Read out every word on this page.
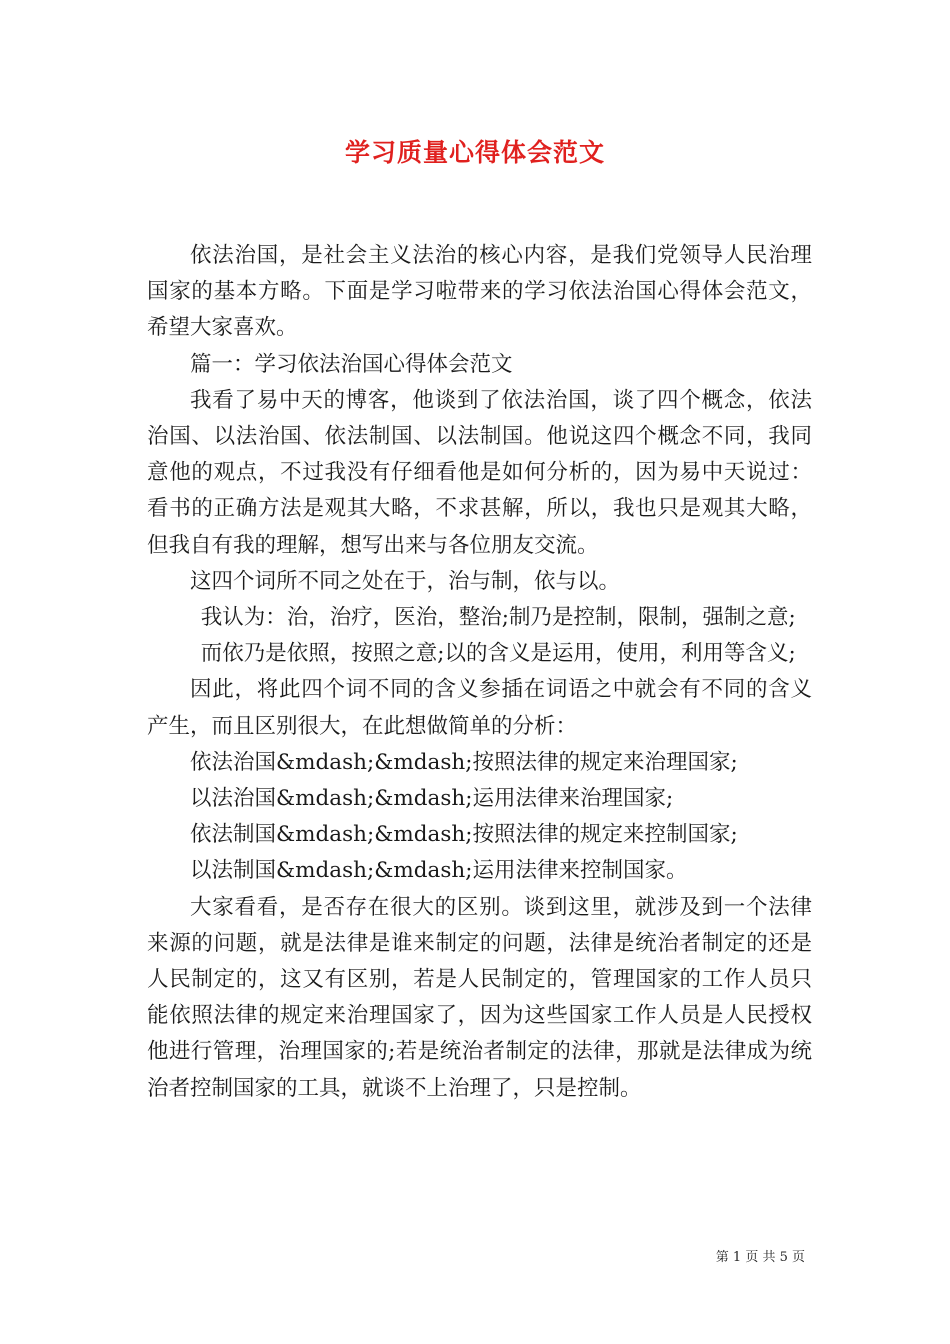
学习质量心得体会范文

依法治国，是社会主义法治的核心内容，是我们党领导人民治理国家的基本方略。下面是学习啦带来的学习依法治国心得体会范文，希望大家喜欢。

篇一：学习依法治国心得体会范文

我看了易中天的博客，他谈到了依法治国，谈了四个概念，依法治国、以法治国、依法制国、以法制国。他说这四个概念不同，我同意他的观点，不过我没有仔细看他是如何分析的，因为易中天说过：看书的正确方法是观其大略，不求甚解，所以，我也只是观其大略，但我自有我的理解，想写出来与各位朋友交流。

这四个词所不同之处在于，治与制，依与以。

我认为：治，治疗，医治，整治;制乃是控制，限制，强制之意;

而依乃是依照，按照之意;以的含义是运用，使用，利用等含义;

因此，将此四个词不同的含义参插在词语之中就会有不同的含义产生，而且区别很大，在此想做简单的分析：

依法治国&mdash;&mdash;按照法律的规定来治理国家;

以法治国&mdash;&mdash;运用法律来治理国家;

依法制国&mdash;&mdash;按照法律的规定来控制国家;

以法制国&mdash;&mdash;运用法律来控制国家。

大家看看，是否存在很大的区别。谈到这里，就涉及到一个法律来源的问题，就是法律是谁来制定的问题，法律是统治者制定的还是人民制定的，这又有区别，若是人民制定的，管理国家的工作人员只能依照法律的规定来治理国家了，因为这些国家工作人员是人民授权他进行管理，治理国家的;若是统治者制定的法律，那就是法律成为统治者控制国家的工具，就谈不上治理了，只是控制。

第 1 页 共 5 页
